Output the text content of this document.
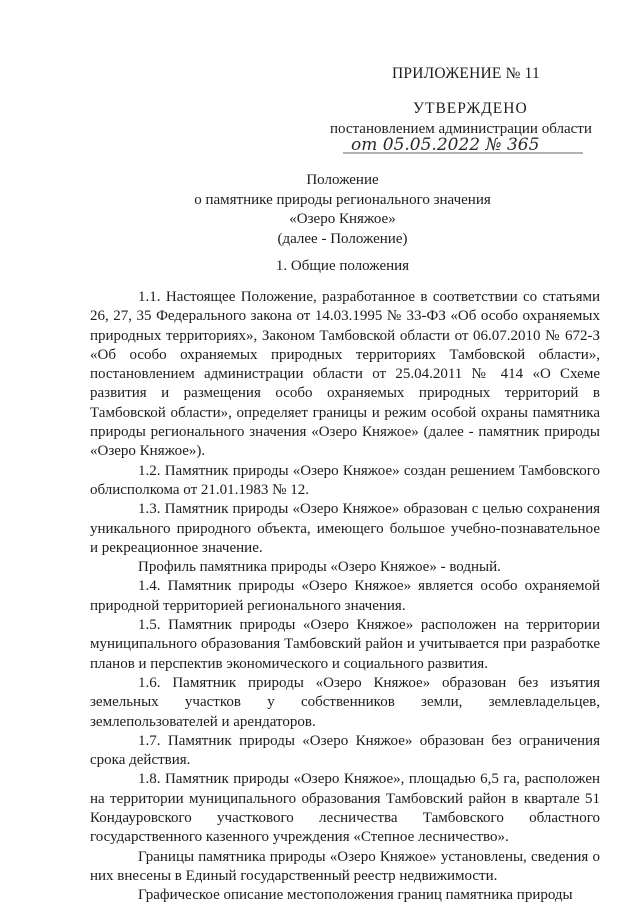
ПРИЛОЖЕНИЕ № 11
УТВЕРЖДЕНО
постановлением администрации области
от 05.05.2022 № 365
Положение
о памятнике природы регионального значения
«Озеро Княжое»
(далее - Положение)
1. Общие положения

1.1. Настоящее Положение, разработанное в соответствии со статьями 26, 27, 35 Федерального закона от 14.03.1995 № 33-ФЗ «Об особо охраняемых природных территориях», Законом Тамбовской области от 06.07.2010 № 672-З «Об особо охраняемых природных территориях Тамбовской области», постановлением администрации области от 25.04.2011 № 414 «О Схеме развития и размещения особо охраняемых природных территорий в Тамбовской области», определяет границы и режим особой охраны памятника природы регионального значения «Озеро Княжое» (далее - памятник природы «Озеро Княжое»).

1.2. Памятник природы «Озеро Княжое» создан решением Тамбовского облисполкома от 21.01.1983 № 12.

1.3. Памятник природы «Озеро Княжое» образован с целью сохранения уникального природного объекта, имеющего большое учебно-познавательное и рекреационное значение.

Профиль памятника природы «Озеро Княжое» - водный.

1.4. Памятник природы «Озеро Княжое» является особо охраняемой природной территорией регионального значения.

1.5. Памятник природы «Озеро Княжое» расположен на территории муниципального образования Тамбовский район и учитывается при разработке планов и перспектив экономического и социального развития.

1.6. Памятник природы «Озеро Княжое» образован без изъятия земельных участков у собственников земли, землевладельцев, землепользователей и арендаторов.

1.7. Памятник природы «Озеро Княжое» образован без ограничения срока действия.

1.8. Памятник природы «Озеро Княжое», площадью 6,5 га, расположен на территории муниципального образования Тамбовский район в квартале 51 Кондауровского участкового лесничества Тамбовского областного государственного казенного учреждения «Степное лесничество».

Границы памятника природы «Озеро Княжое» установлены, сведения о них внесены в Единый государственный реестр недвижимости.

Графическое описание местоположения границ памятника природы
